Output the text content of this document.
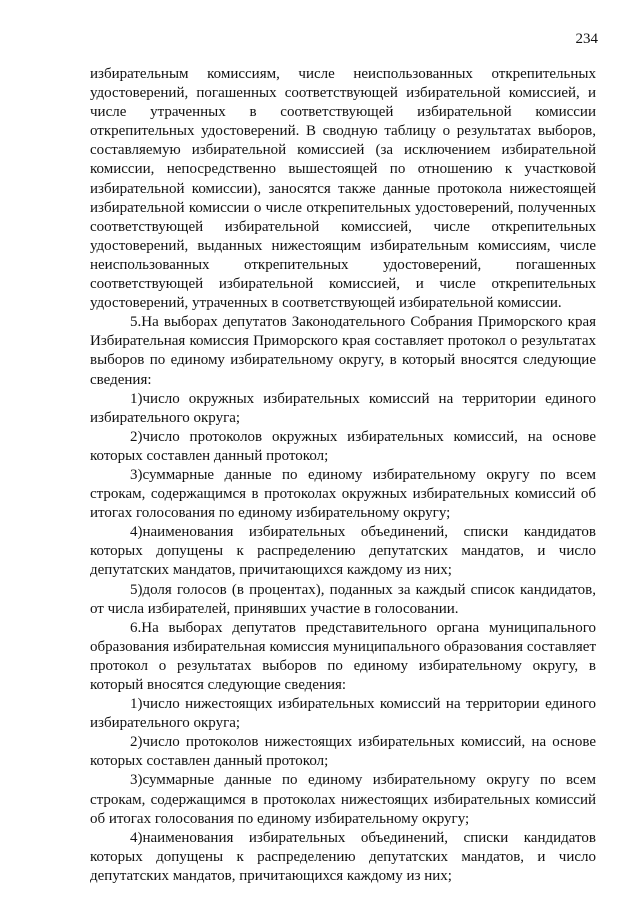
234

избирательным комиссиям, числе неиспользованных открепительных удостоверений, погашенных соответствующей избирательной комиссией, и числе утраченных в соответствующей избирательной комиссии открепительных удостоверений. В сводную таблицу о результатах выборов, составляемую избирательной комиссией (за исключением избирательной комиссии, непосредственно вышестоящей по отношению к участковой избирательной комиссии), заносятся также данные протокола нижестоящей избирательной комиссии о числе открепительных удостоверений, полученных соответствующей избирательной комиссией, числе открепительных удостоверений, выданных нижестоящим избирательным комиссиям, числе неиспользованных открепительных удостоверений, погашенных соответствующей избирательной комиссией, и числе открепительных удостоверений, утраченных в соответствующей избирательной комиссии.

5.На выборах депутатов Законодательного Собрания Приморского края Избирательная комиссия Приморского края составляет протокол о результатах выборов по единому избирательному округу, в который вносятся следующие сведения:

1)число окружных избирательных комиссий на территории единого избирательного округа;

2)число протоколов окружных избирательных комиссий, на основе которых составлен данный протокол;

3)суммарные данные по единому избирательному округу по всем строкам, содержащимся в протоколах окружных избирательных комиссий об итогах голосования по единому избирательному округу;

4)наименования избирательных объединений, списки кандидатов которых допущены к распределению депутатских мандатов, и число депутатских мандатов, причитающихся каждому из них;

5)доля голосов (в процентах), поданных за каждый список кандидатов, от числа избирателей, принявших участие в голосовании.

6.На выборах депутатов представительного органа муниципального образования избирательная комиссия муниципального образования составляет протокол о результатах выборов по единому избирательному округу, в который вносятся следующие сведения:

1)число нижестоящих избирательных комиссий на территории единого избирательного округа;

2)число протоколов нижестоящих избирательных комиссий, на основе которых составлен данный протокол;

3)суммарные данные по единому избирательному округу по всем строкам, содержащимся в протоколах нижестоящих избирательных комиссий об итогах голосования по единому избирательному округу;

4)наименования избирательных объединений, списки кандидатов которых допущены к распределению депутатских мандатов, и число депутатских мандатов, причитающихся каждому из них;
